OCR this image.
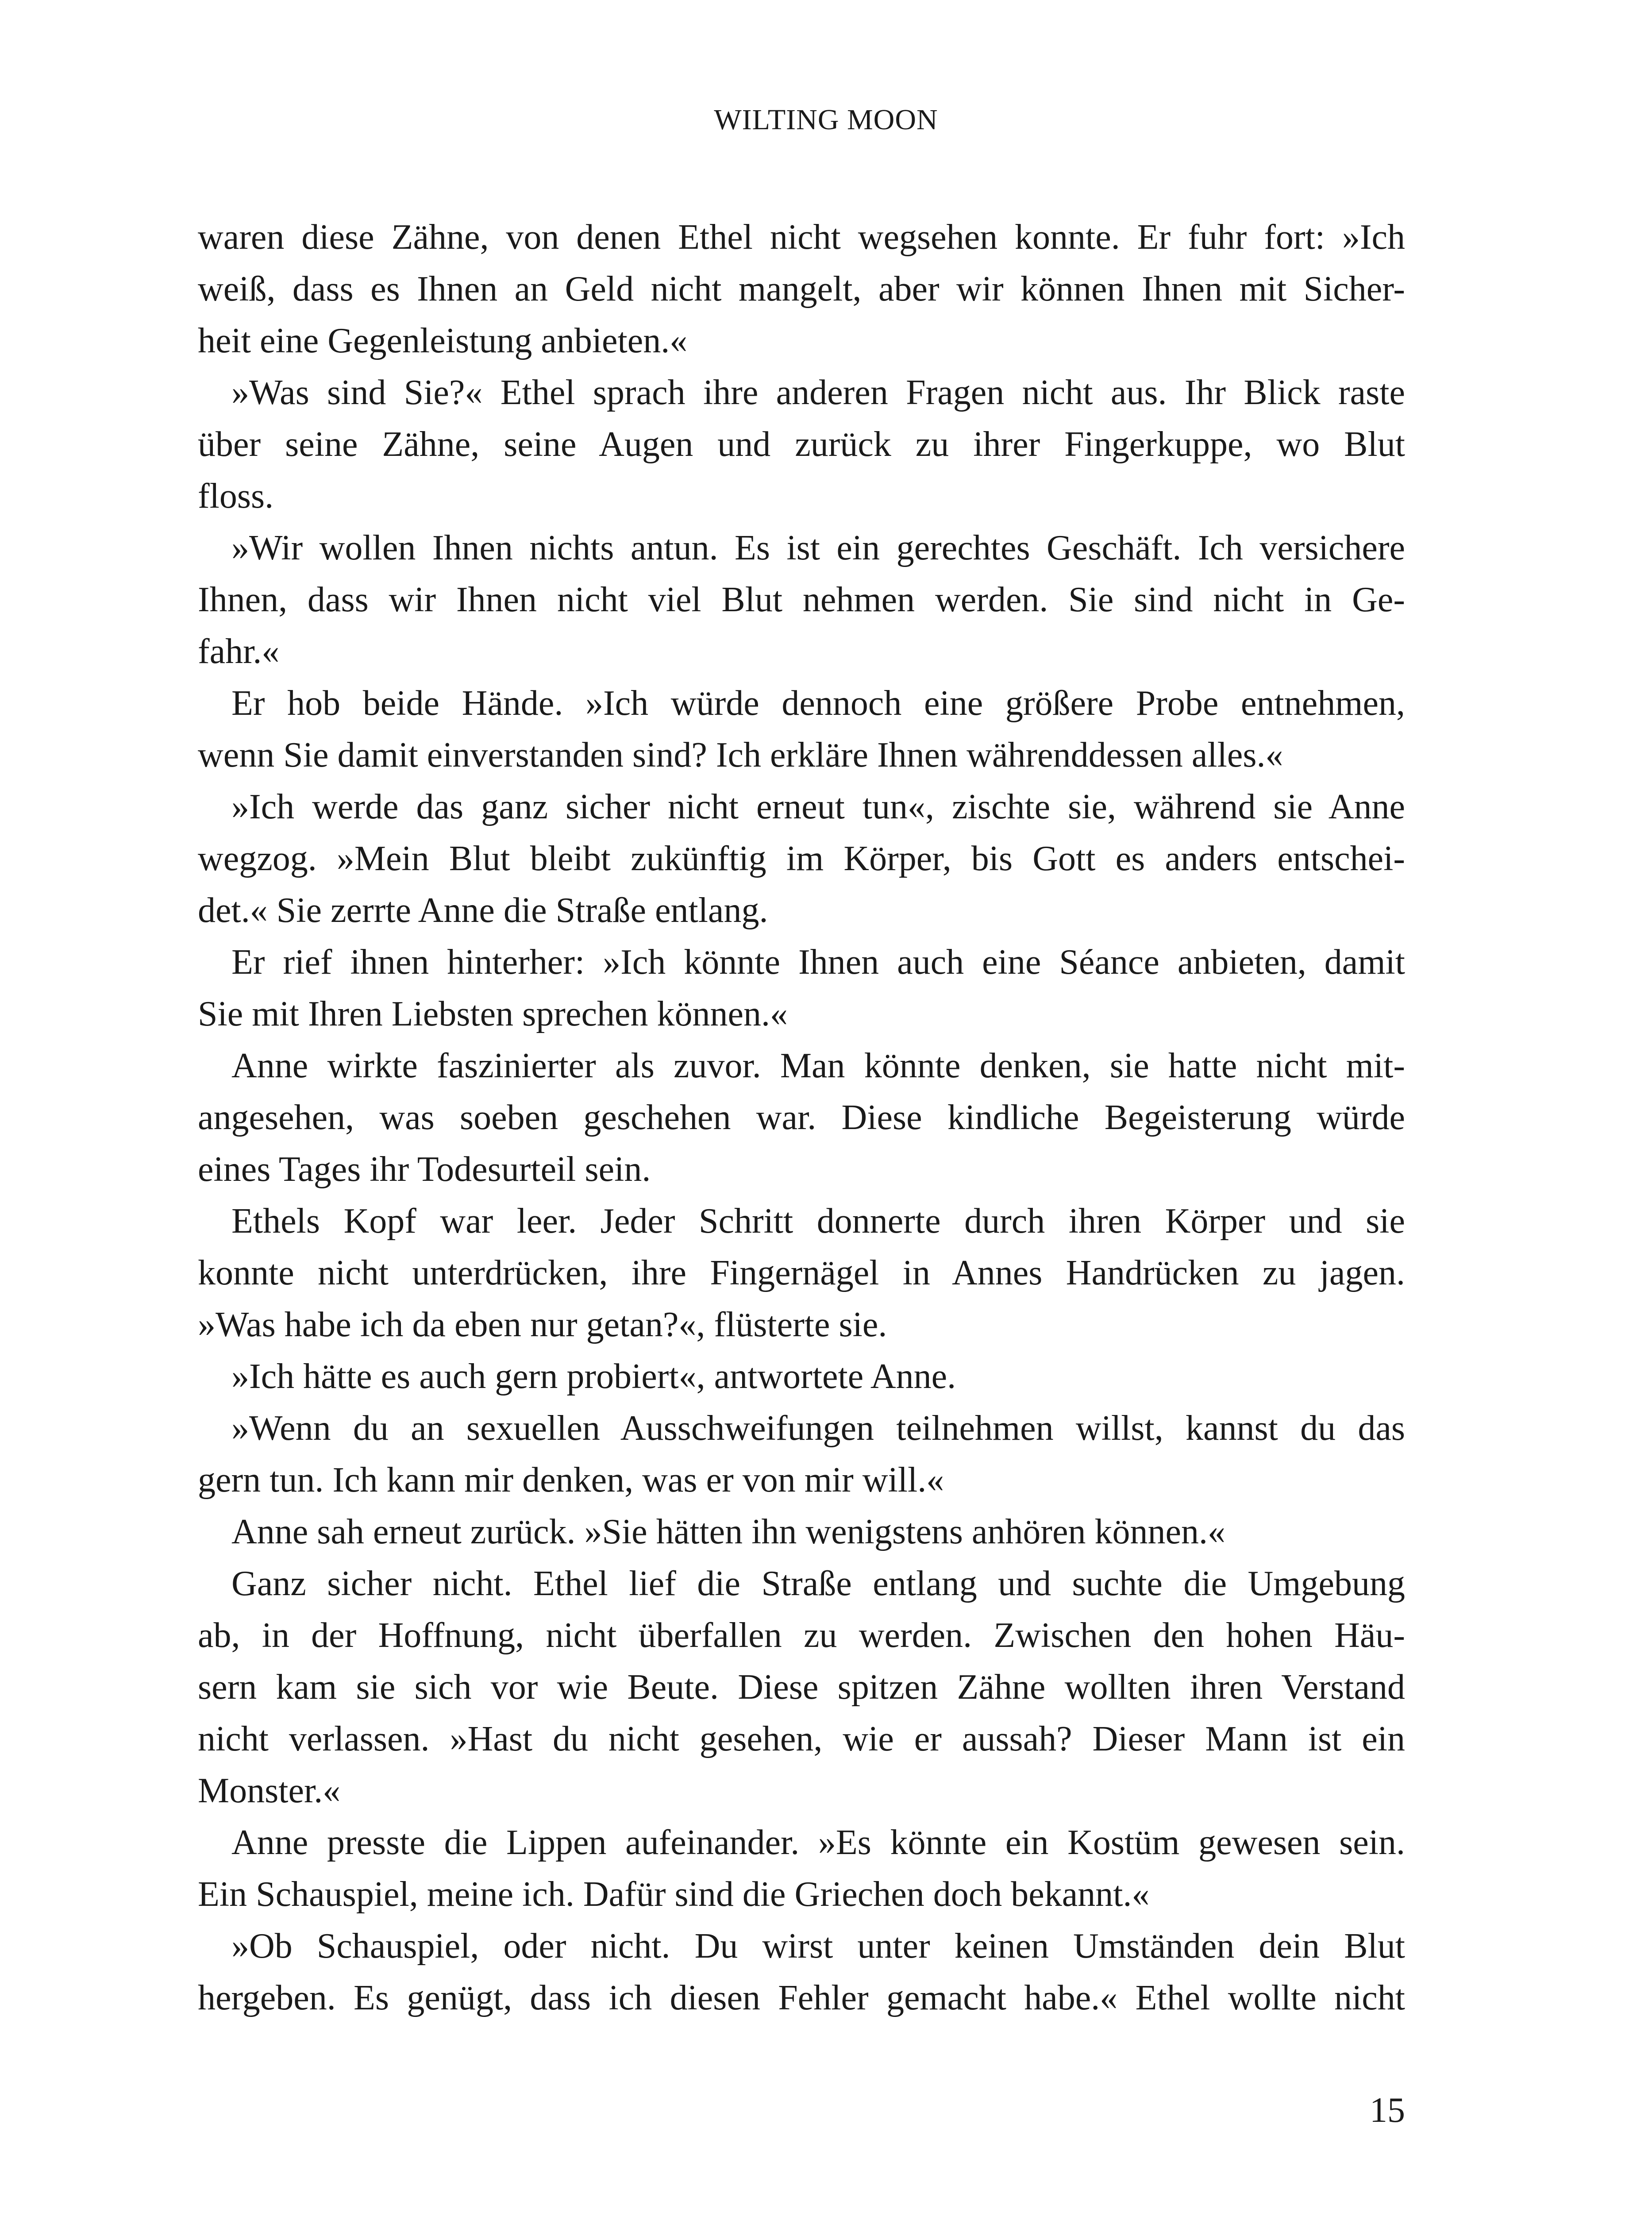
WILTING MOON
waren diese Zähne, von denen Ethel nicht wegsehen konnte. Er fuhr fort: »Ich
weiß, dass es Ihnen an Geld nicht mangelt, aber wir können Ihnen mit Sicher-
heit eine Gegenleistung anbieten.«
»Was sind Sie?« Ethel sprach ihre anderen Fragen nicht aus. Ihr Blick raste
über seine Zähne, seine Augen und zurück zu ihrer Fingerkuppe, wo Blut
floss.
»Wir wollen Ihnen nichts antun. Es ist ein gerechtes Geschäft. Ich versichere
Ihnen, dass wir Ihnen nicht viel Blut nehmen werden. Sie sind nicht in Ge-
fahr.«
Er hob beide Hände. »Ich würde dennoch eine größere Probe entnehmen,
wenn Sie damit einverstanden sind? Ich erkläre Ihnen währenddessen alles.«
»Ich werde das ganz sicher nicht erneut tun«, zischte sie, während sie Anne
wegzog. »Mein Blut bleibt zukünftig im Körper, bis Gott es anders entschei-
det.« Sie zerrte Anne die Straße entlang.
Er rief ihnen hinterher: »Ich könnte Ihnen auch eine Séance anbieten, damit
Sie mit Ihren Liebsten sprechen können.«
Anne wirkte faszinierter als zuvor. Man könnte denken, sie hatte nicht mit-
angesehen, was soeben geschehen war. Diese kindliche Begeisterung würde
eines Tages ihr Todesurteil sein.
Ethels Kopf war leer. Jeder Schritt donnerte durch ihren Körper und sie
konnte nicht unterdrücken, ihre Fingernägel in Annes Handrücken zu jagen.
»Was habe ich da eben nur getan?«, flüsterte sie.
»Ich hätte es auch gern probiert«, antwortete Anne.
»Wenn du an sexuellen Ausschweifungen teilnehmen willst, kannst du das
gern tun. Ich kann mir denken, was er von mir will.«
Anne sah erneut zurück. »Sie hätten ihn wenigstens anhören können.«
Ganz sicher nicht. Ethel lief die Straße entlang und suchte die Umgebung
ab, in der Hoffnung, nicht überfallen zu werden. Zwischen den hohen Häu-
sern kam sie sich vor wie Beute. Diese spitzen Zähne wollten ihren Verstand
nicht verlassen. »Hast du nicht gesehen, wie er aussah? Dieser Mann ist ein
Monster.«
Anne presste die Lippen aufeinander. »Es könnte ein Kostüm gewesen sein.
Ein Schauspiel, meine ich. Dafür sind die Griechen doch bekannt.«
»Ob Schauspiel, oder nicht. Du wirst unter keinen Umständen dein Blut
hergeben. Es genügt, dass ich diesen Fehler gemacht habe.« Ethel wollte nicht
15
